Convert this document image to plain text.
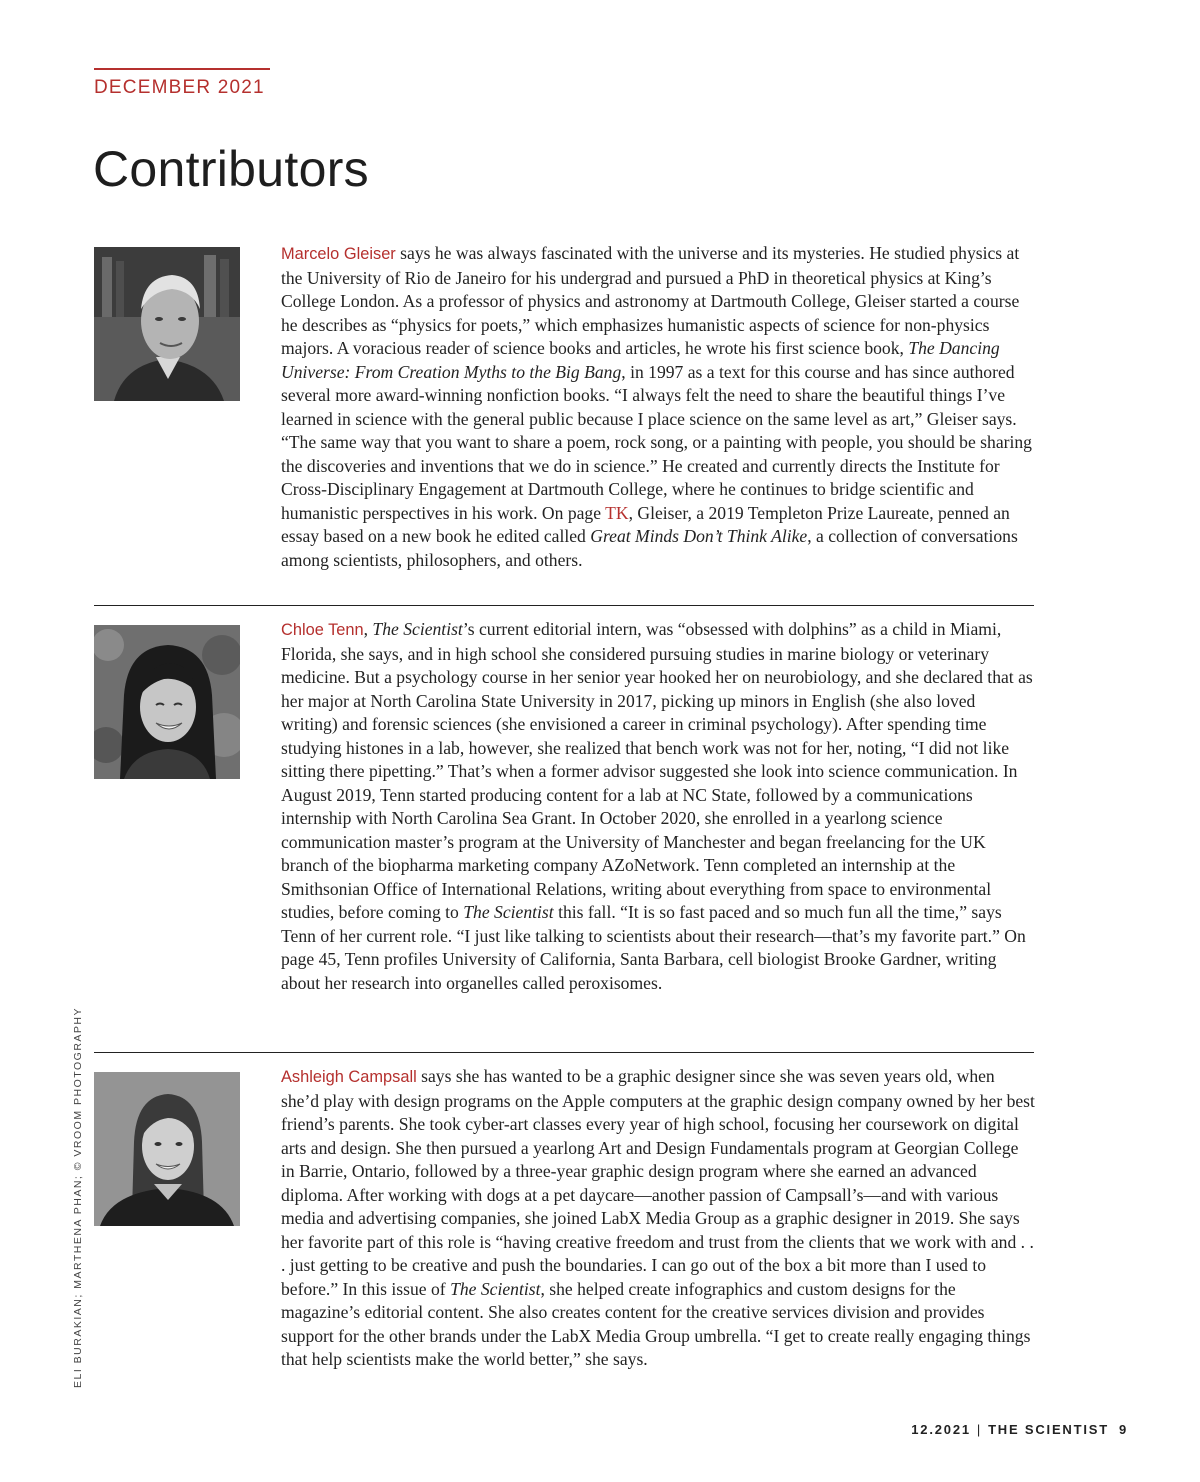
DECEMBER 2021
Contributors

Marcelo Gleiser says he was always fascinated with the universe and its mysteries. He studied physics at the University of Rio de Janeiro for his undergrad and pursued a PhD in theoretical physics at King’s College London. As a professor of physics and astronomy at Dartmouth College, Gleiser started a course he describes as “physics for poets,” which emphasizes humanistic aspects of science for non-physics majors. A voracious reader of science books and articles, he wrote his first science book, The Dancing Universe: From Creation Myths to the Big Bang, in 1997 as a text for this course and has since authored several more award-winning nonfiction books. “I always felt the need to share the beautiful things I’ve learned in science with the general public because I place science on the same level as art,” Gleiser says. “The same way that you want to share a poem, rock song, or a painting with people, you should be sharing the discoveries and inventions that we do in science.” He created and currently directs the Institute for Cross-Disciplinary Engagement at Dartmouth College, where he continues to bridge scientific and humanistic perspectives in his work. On page TK, Gleiser, a 2019 Templeton Prize Laureate, penned an essay based on a new book he edited called Great Minds Don’t Think Alike, a collection of conversations among scientists, philosophers, and others.

Chloe Tenn, The Scientist’s current editorial intern, was “obsessed with dolphins” as a child in Miami, Florida, she says, and in high school she considered pursuing studies in marine biology or veterinary medicine. But a psychology course in her senior year hooked her on neurobiology, and she declared that as her major at North Carolina State University in 2017, picking up minors in English (she also loved writing) and forensic sciences (she envisioned a career in criminal psychology). After spending time studying histones in a lab, however, she realized that bench work was not for her, noting, “I did not like sitting there pipetting.” That’s when a former advisor suggested she look into science communication. In August 2019, Tenn started producing content for a lab at NC State, followed by a communications internship with North Carolina Sea Grant. In October 2020, she enrolled in a yearlong science communication master’s program at the University of Manchester and began freelancing for the UK branch of the biopharma marketing company AZoNetwork. Tenn completed an internship at the Smithsonian Office of International Relations, writing about everything from space to environmental studies, before coming to The Scientist this fall. “It is so fast paced and so much fun all the time,” says Tenn of her current role. “I just like talking to scientists about their research—that’s my favorite part.” On page 45, Tenn profiles University of California, Santa Barbara, cell biologist Brooke Gardner, writing about her research into organelles called peroxisomes.

Ashleigh Campsall says she has wanted to be a graphic designer since she was seven years old, when she’d play with design programs on the Apple computers at the graphic design company owned by her best friend’s parents. She took cyber-art classes every year of high school, focusing her coursework on digital arts and design. She then pursued a yearlong Art and Design Fundamentals program at Georgian College in Barrie, Ontario, followed by a three-year graphic design program where she earned an advanced diploma. After working with dogs at a pet daycare—another passion of Campsall’s—and with various media and advertising companies, she joined LabX Media Group as a graphic designer in 2019. She says her favorite part of this role is “having creative freedom and trust from the clients that we work with and . . . just getting to be creative and push the boundaries. I can go out of the box a bit more than I used to before.” In this issue of The Scientist, she helped create infographics and custom designs for the magazine’s editorial content. She also creates content for the creative services division and provides support for the other brands under the LabX Media Group umbrella. “I get to create really engaging things that help scientists make the world better,” she says.

ELI BURAKIAN; MARTHENA PHAN; © VROOM PHOTOGRAPHY
12.2021 | THE SCIENTIST 9
